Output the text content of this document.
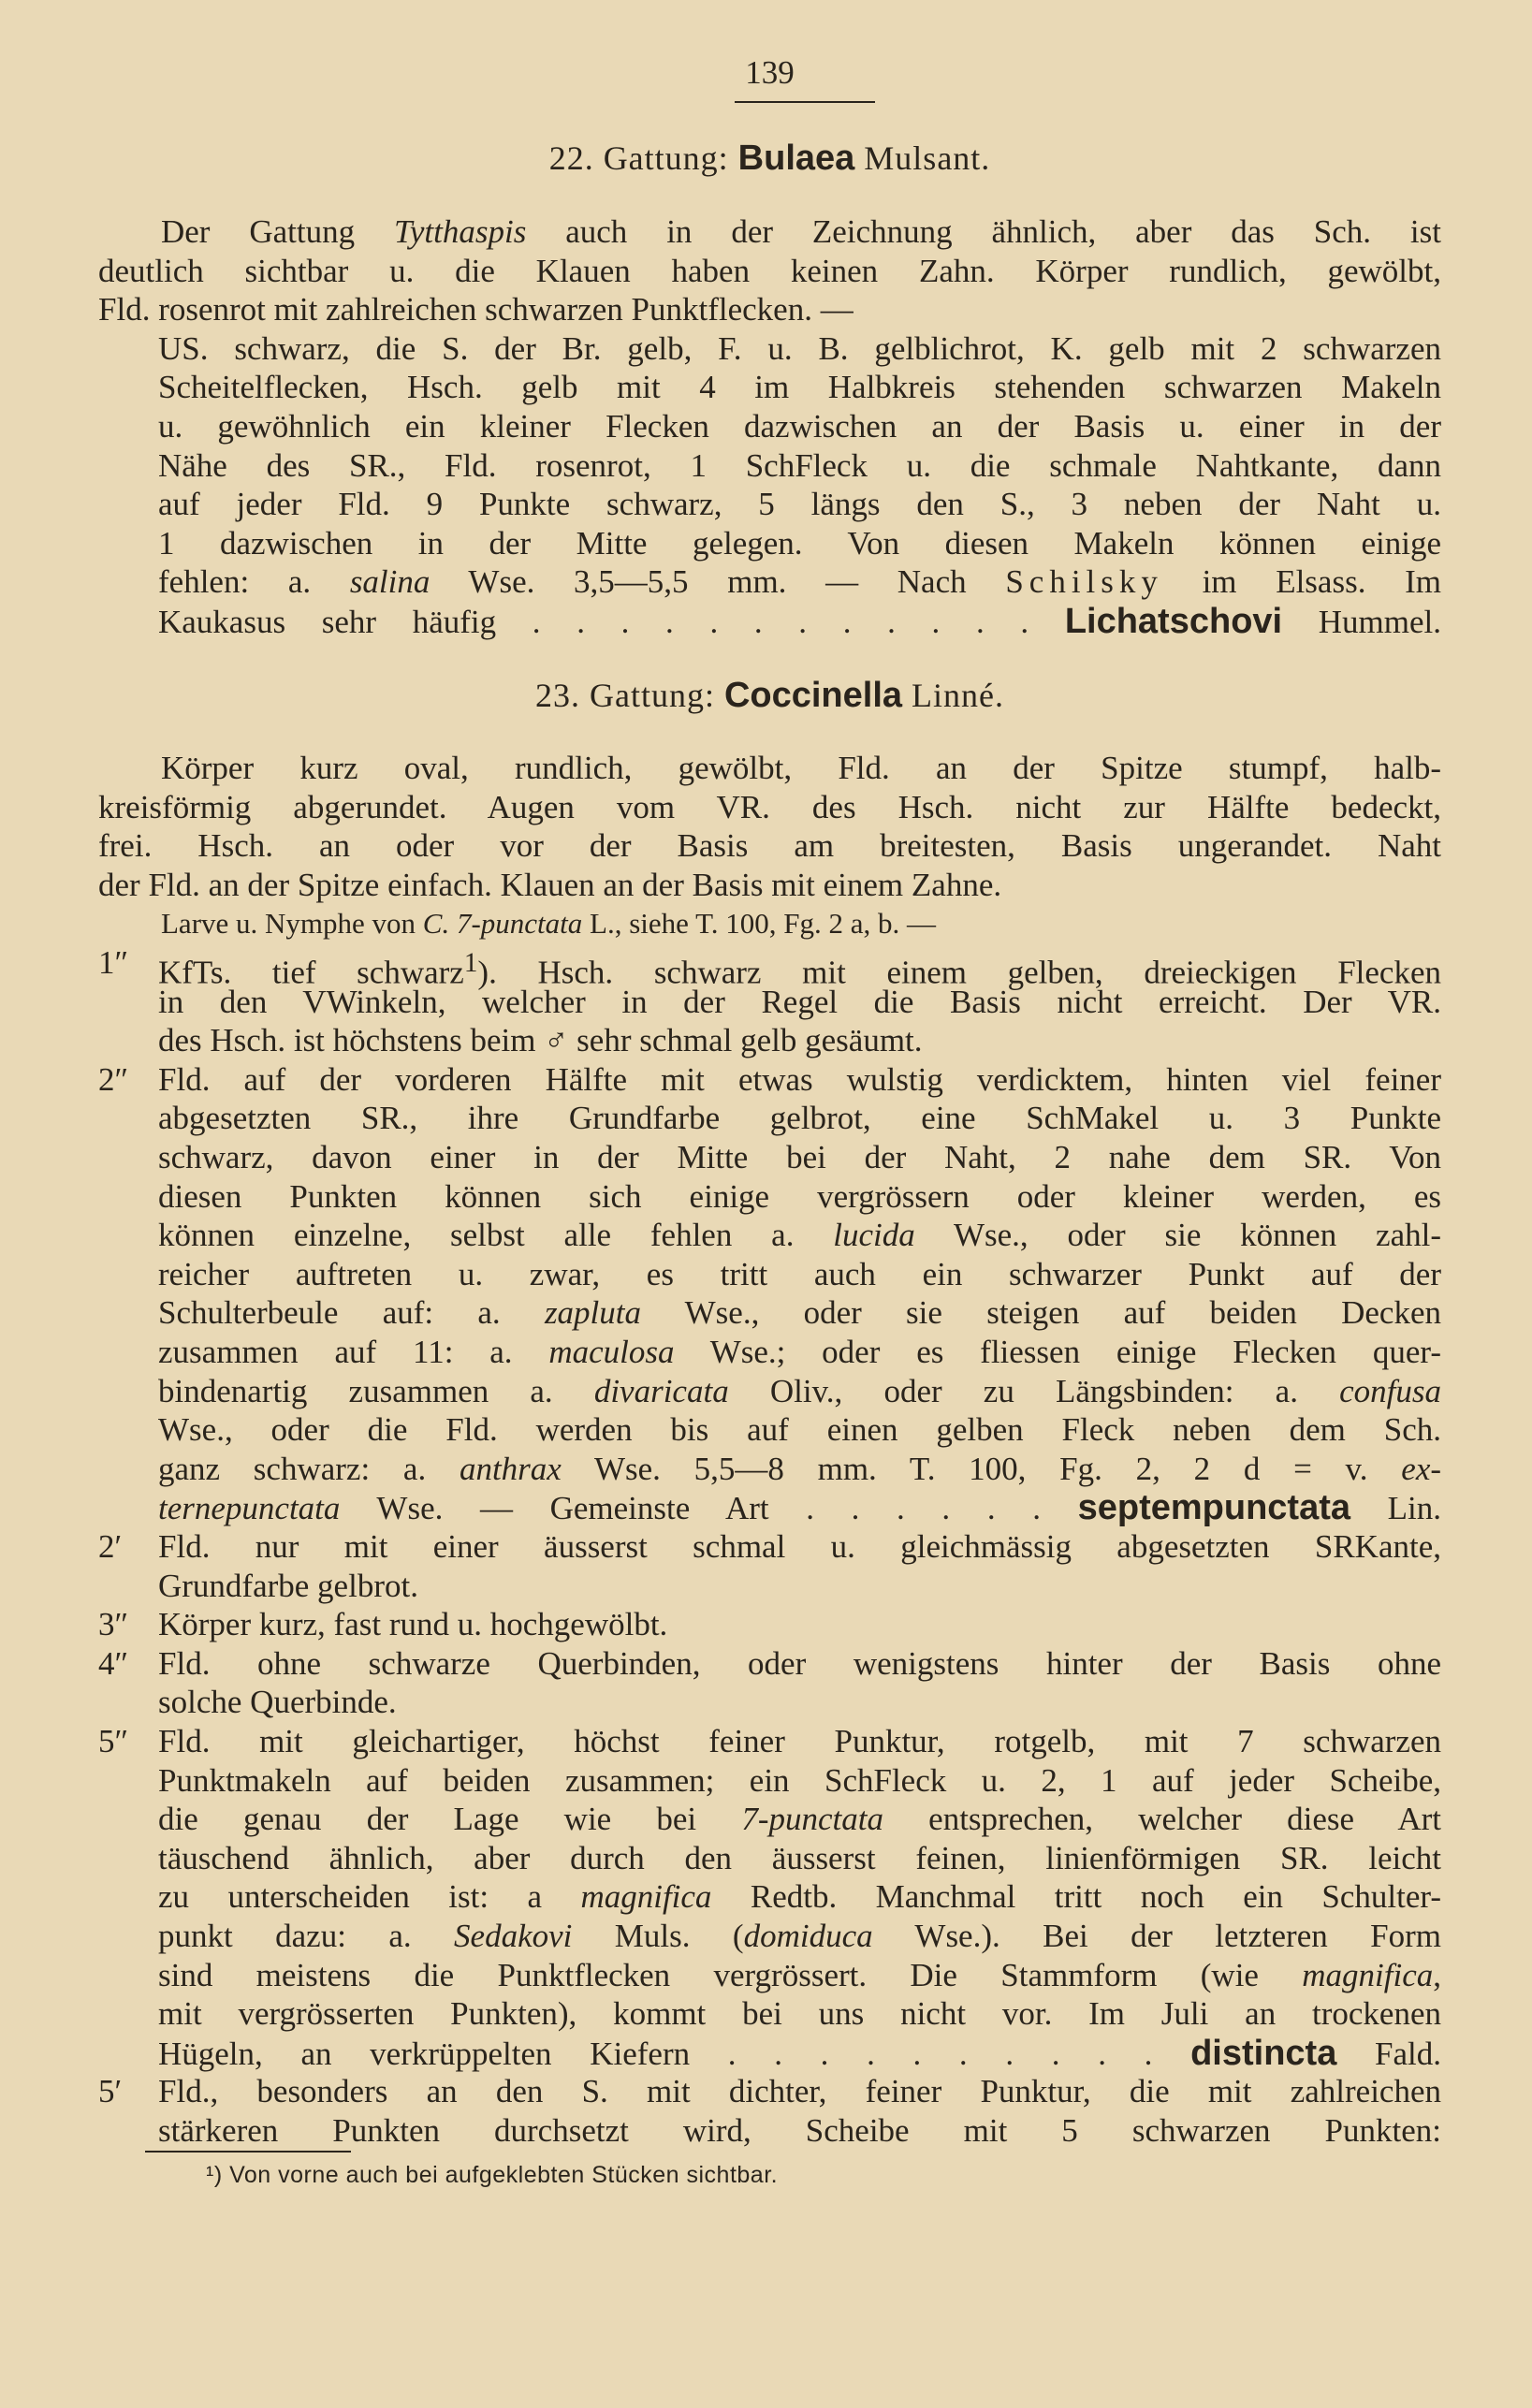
139
22. Gattung: Bulaea Mulsant.
Der Gattung Tytthaspis auch in der Zeichnung ähnlich, aber das Sch. ist
deutlich sichtbar u. die Klauen haben keinen Zahn. Körper rundlich, gewölbt,
Fld. rosenrot mit zahlreichen schwarzen Punktflecken. —
US. schwarz, die S. der Br. gelb, F. u. B. gelblichrot, K. gelb mit 2 schwarzen
Scheitelflecken, Hsch. gelb mit 4 im Halbkreis stehenden schwarzen Makeln
u. gewöhnlich ein kleiner Flecken dazwischen an der Basis u. einer in der
Nähe des SR., Fld. rosenrot, 1 SchFleck u. die schmale Nahtkante, dann
auf jeder Fld. 9 Punkte schwarz, 5 längs den S., 3 neben der Naht u.
1 dazwischen in der Mitte gelegen. Von diesen Makeln können einige
fehlen: a. salina Wse. 3,5—5,5 mm. — Nach Schilsky im Elsass. Im
Kaukasus sehr häufig . . . . . . . . . . . . Lichatschovi Hummel.
23. Gattung: Coccinella Linné.
Körper kurz oval, rundlich, gewölbt, Fld. an der Spitze stumpf, halb-
kreisförmig abgerundet. Augen vom VR. des Hsch. nicht zur Hälfte bedeckt,
frei. Hsch. an oder vor der Basis am breitesten, Basis ungerandet. Naht
der Fld. an der Spitze einfach. Klauen an der Basis mit einem Zahne.
Larve u. Nymphe von C. 7-punctata L., siehe T. 100, Fg. 2 a, b. —
1″ KfTs. tief schwarz$^1$). Hsch. schwarz mit einem gelben, dreieckigen Flecken
in den VWinkeln, welcher in der Regel die Basis nicht erreicht. Der VR.
des Hsch. ist höchstens beim ♂ sehr schmal gelb gesäumt.
2″ Fld. auf der vorderen Hälfte mit etwas wulstig verdicktem, hinten viel feiner
abgesetzten SR., ihre Grundfarbe gelbrot, eine SchMakel u. 3 Punkte
schwarz, davon einer in der Mitte bei der Naht, 2 nahe dem SR. Von
diesen Punkten können sich einige vergrössern oder kleiner werden, es
können einzelne, selbst alle fehlen a. lucida Wse., oder sie können zahl-
reicher auftreten u. zwar, es tritt auch ein schwarzer Punkt auf der
Schulterbeule auf: a. zapluta Wse., oder sie steigen auf beiden Decken
zusammen auf 11: a. maculosa Wse.; oder es fliessen einige Flecken quer-
bindenartig zusammen a. divaricata Oliv., oder zu Längsbinden: a. confusa
Wse., oder die Fld. werden bis auf einen gelben Fleck neben dem Sch.
ganz schwarz: a. anthrax Wse. 5,5—8 mm. T. 100, Fg. 2, 2 d = v. ex-
ternepunctata Wse. — Gemeinste Art . . . . . . septempunctata Lin.
2′	Fld. nur mit einer äusserst schmal u. gleichmässig abgesetzten SRKante,
Grundfarbe gelbrot.
3″ Körper kurz, fast rund u. hochgewölbt.
4″ Fld. ohne schwarze Querbinden, oder wenigstens hinter der Basis ohne
solche Querbinde.
5″ Fld. mit gleichartiger, höchst feiner Punktur, rotgelb, mit 7 schwarzen
Punktmakeln auf beiden zusammen; ein SchFleck u. 2, 1 auf jeder Scheibe,
die genau der Lage wie bei 7-punctata entsprechen, welcher diese Art
täuschend ähnlich, aber durch den äusserst feinen, linienförmigen SR. leicht
zu unterscheiden ist: a magnifica Redtb. Manchmal tritt noch ein Schulter-
punkt dazu: a. Sedakovi Muls. (domiduca Wse.). Bei der letzteren Form
sind meistens die Punktflecken vergrössert. Die Stammform (wie magnifica,
mit vergrösserten Punkten), kommt bei uns nicht vor. Im Juli an trockenen
Hügeln, an verkrüppelten Kiefern . . . . . . . . . . distincta Fald.
5′	Fld., besonders an den S. mit dichter, feiner Punktur, die mit zahlreichen
stärkeren Punkten durchsetzt wird, Scheibe mit 5 schwarzen Punkten:
¹) Von vorne auch bei aufgeklebten Stücken sichtbar.
